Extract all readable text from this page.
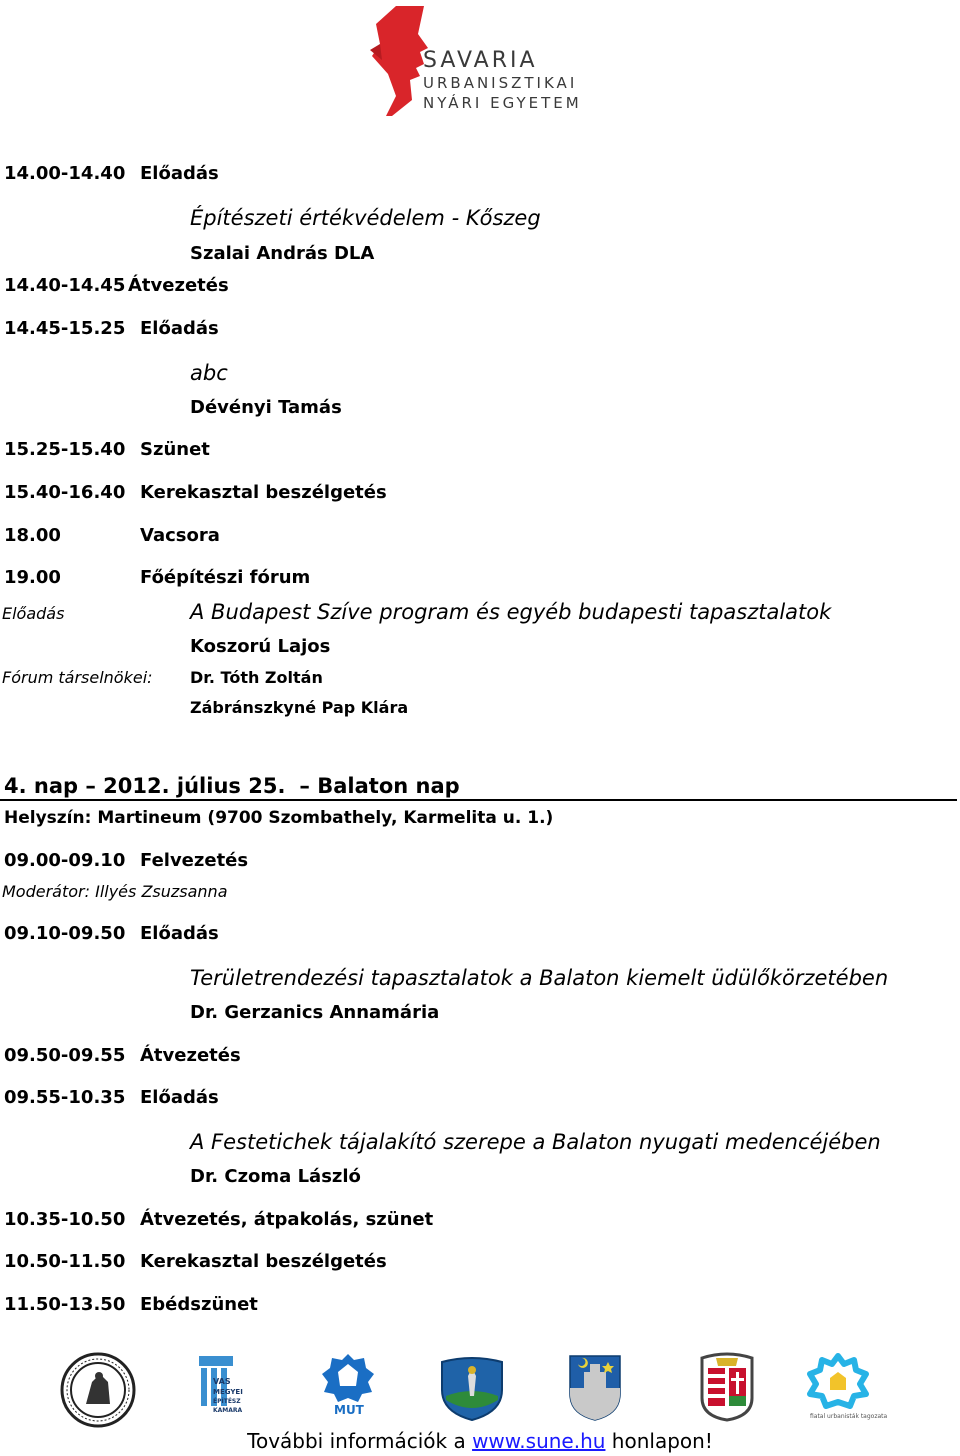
SAVARIA
URBANISZTIKAI
NYÁRI EGYETEM
14.00-14.40 Előadás
Építészeti értékvédelem - Kőszeg
Szalai András DLA
14.40-14.45 Átvezetés
14.45-15.25 Előadás
abc
Dévényi Tamás
15.25-15.40 Szünet
15.40-16.40 Kerekasztal beszélgetés
18.00	Vacsora
19.00	Főépítészi fórum
Előadás	A Budapest Szíve program és egyéb budapesti tapasztalatok
Koszorú Lajos
Fórum társelnökei: Dr. Tóth Zoltán
Zábránszkyné Pap Klára
4. nap – 2012. július 25. – Balaton nap
Helyszín: Martineum (9700 Szombathely, Karmelita u. 1.)
09.00-09.10 Felvezetés
Moderátor: Illyés Zsuzsanna
09.10-09.50 Előadás
Területrendezési tapasztalatok a Balaton kiemelt üdülőkörzetében
Dr. Gerzanics Annamária
09.50-09.55 Átvezetés
09.55-10.35 Előadás
A Festetichek tájalakító szerepe a Balaton nyugati medencéjében
Dr. Czoma László
10.35-10.50 Átvezetés, átpakolás, szünet
10.50-11.50 Kerekasztal beszélgetés
11.50-13.50 Ebédszünet
VAS
MEGYEI
ÉPÍTÉSZ
KAMARA	MUT	fiatal urbanisták tagozata
További információk a www.sune.hu honlapon!
